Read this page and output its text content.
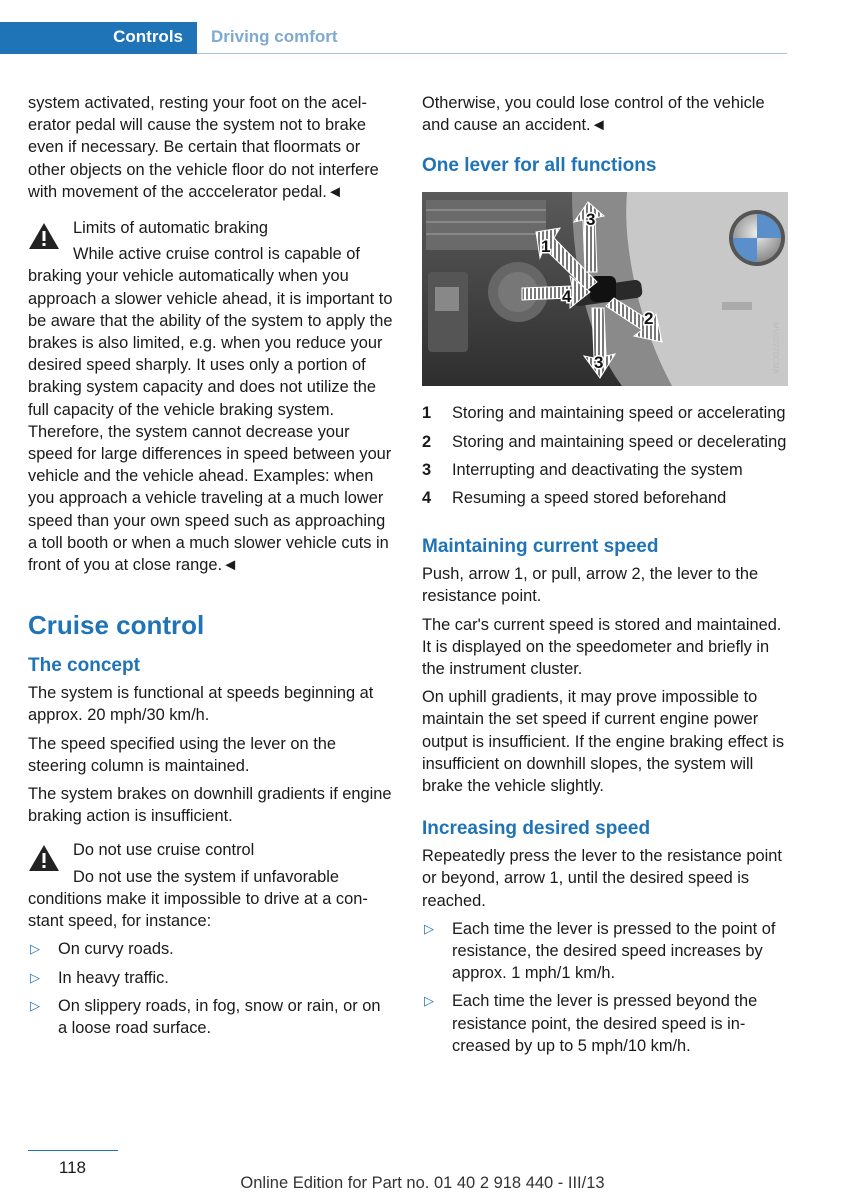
Controls	Driving comfort

system activated, resting your foot on the acelerator pedal will cause the system not to brake even if necessary. Be certain that floormats or other objects on the vehicle floor do not interfere with movement of the acccelerator pedal.◄

Limits of automatic braking

While active cruise control is capable of braking your vehicle automatically when you approach a slower vehicle ahead, it is important to be aware that the ability of the system to apply the brakes is also limited, e.g. when you reduce your desired speed sharply. It uses only a portion of braking system capacity and does not utilize the full capacity of the vehicle braking system. Therefore, the system cannot decrease your speed for large differences in speed between your vehicle and the vehicle ahead. Examples: when you approach a vehicle traveling at a much lower speed than your own speed such as approaching a toll booth or when a much slower vehicle cuts in front of you at close range.◄

Cruise control
The concept

The system is functional at speeds beginning at approx. 20 mph/30 km/h.

The speed specified using the lever on the steering column is maintained.

The system brakes on downhill gradients if engine braking action is insufficient.

Do not use cruise control

Do not use the system if unfavorable conditions make it impossible to drive at a constant speed, for instance:

▷ On curvy roads.
▷ In heavy traffic.
▷ On slippery roads, in fog, snow or rain, or on a loose road surface.

Otherwise, you could lose control of the vehicle and cause an accident.◄

One lever for all functions
1
2
3
3
4
MV00770CMA
1 Storing and maintaining speed or accelerating
2 Storing and maintaining speed or decelerating
3 Interrupting and deactivating the system
4 Resuming a speed stored beforehand
Maintaining current speed

Push, arrow 1, or pull, arrow 2, the lever to the resistance point.

The car's current speed is stored and maintained. It is displayed on the speedometer and briefly in the instrument cluster.

On uphill gradients, it may prove impossible to maintain the set speed if current engine power output is insufficient. If the engine braking effect is insufficient on downhill slopes, the system will brake the vehicle slightly.

Increasing desired speed

Repeatedly press the lever to the resistance point or beyond, arrow 1, until the desired speed is reached.

▷ Each time the lever is pressed to the point of resistance, the desired speed increases by approx. 1 mph/1 km/h.
▷ Each time the lever is pressed beyond the resistance point, the desired speed is increased by up to 5 mph/10 km/h.
118
Online Edition for Part no. 01 40 2 918 440 - III/13
